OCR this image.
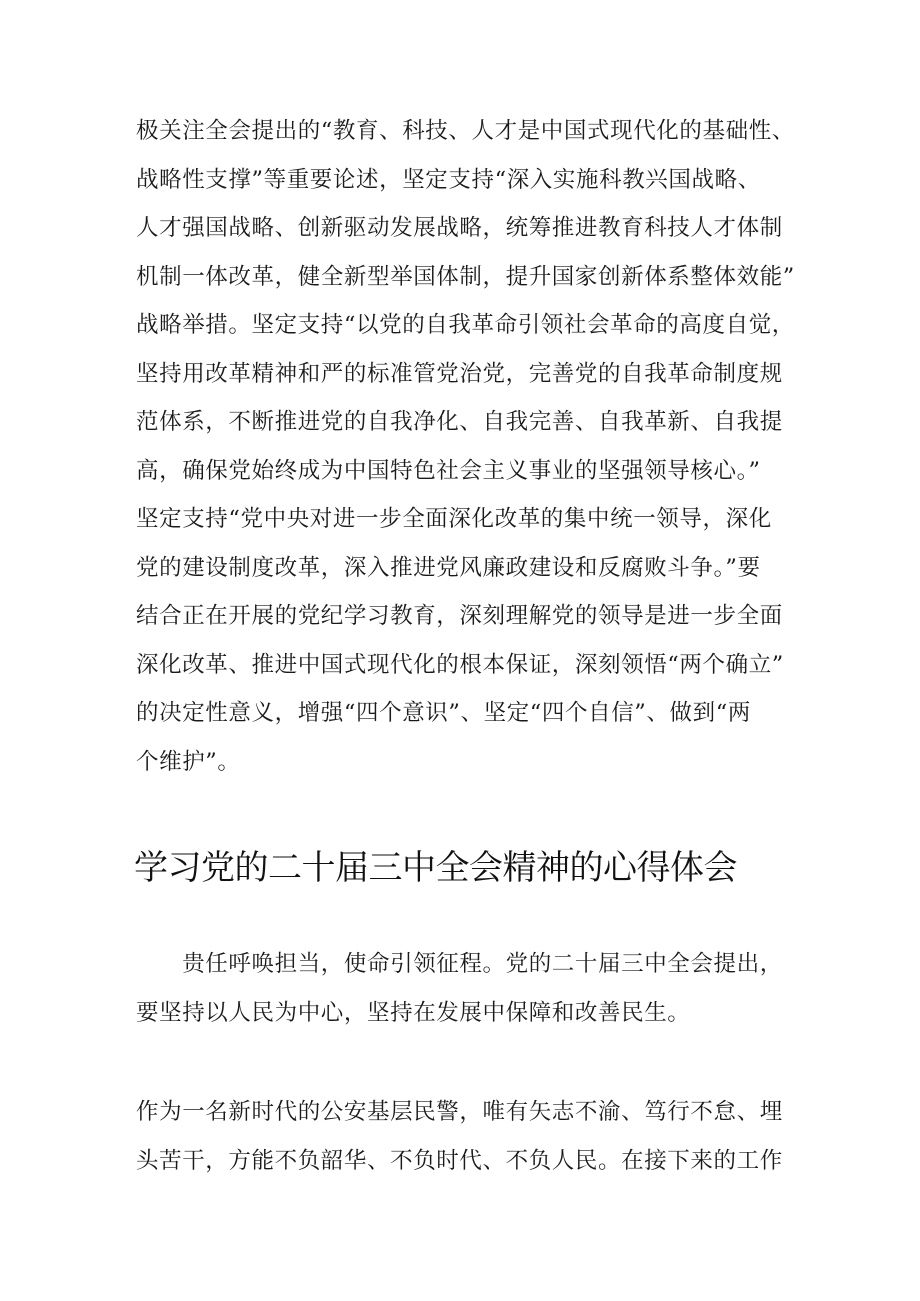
极关注全会提出的“教育、科技、人才是中国式现代化的基础性、
战略性支撑”等重要论述，坚定支持“深入实施科教兴国战略、
人才强国战略、创新驱动发展战略，统筹推进教育科技人才体制
机制一体改革，健全新型举国体制，提升国家创新体系整体效能”
战略举措。坚定支持“以党的自我革命引领社会革命的高度自觉，
坚持用改革精神和严的标准管党治党，完善党的自我革命制度规
范体系，不断推进党的自我净化、自我完善、自我革新、自我提
高，确保党始终成为中国特色社会主义事业的坚强领导核心。”
坚定支持“党中央对进一步全面深化改革的集中统一领导，深化
党的建设制度改革，深入推进党风廉政建设和反腐败斗争。”要
结合正在开展的党纪学习教育，深刻理解党的领导是进一步全面
深化改革、推进中国式现代化的根本保证，深刻领悟“两个确立”
的决定性意义，增强“四个意识”、坚定“四个自信”、做到“两
个维护”。
学习党的二十届三中全会精神的心得体会
　　贵任呼唤担当，使命引领征程。党的二十届三中全会提出，
要坚持以人民为中心，坚持在发展中保障和改善民生。
作为一名新时代的公安基层民警，唯有矢志不渝、笃行不怠、埋
头苦干，方能不负韶华、不负时代、不负人民。在接下来的工作
